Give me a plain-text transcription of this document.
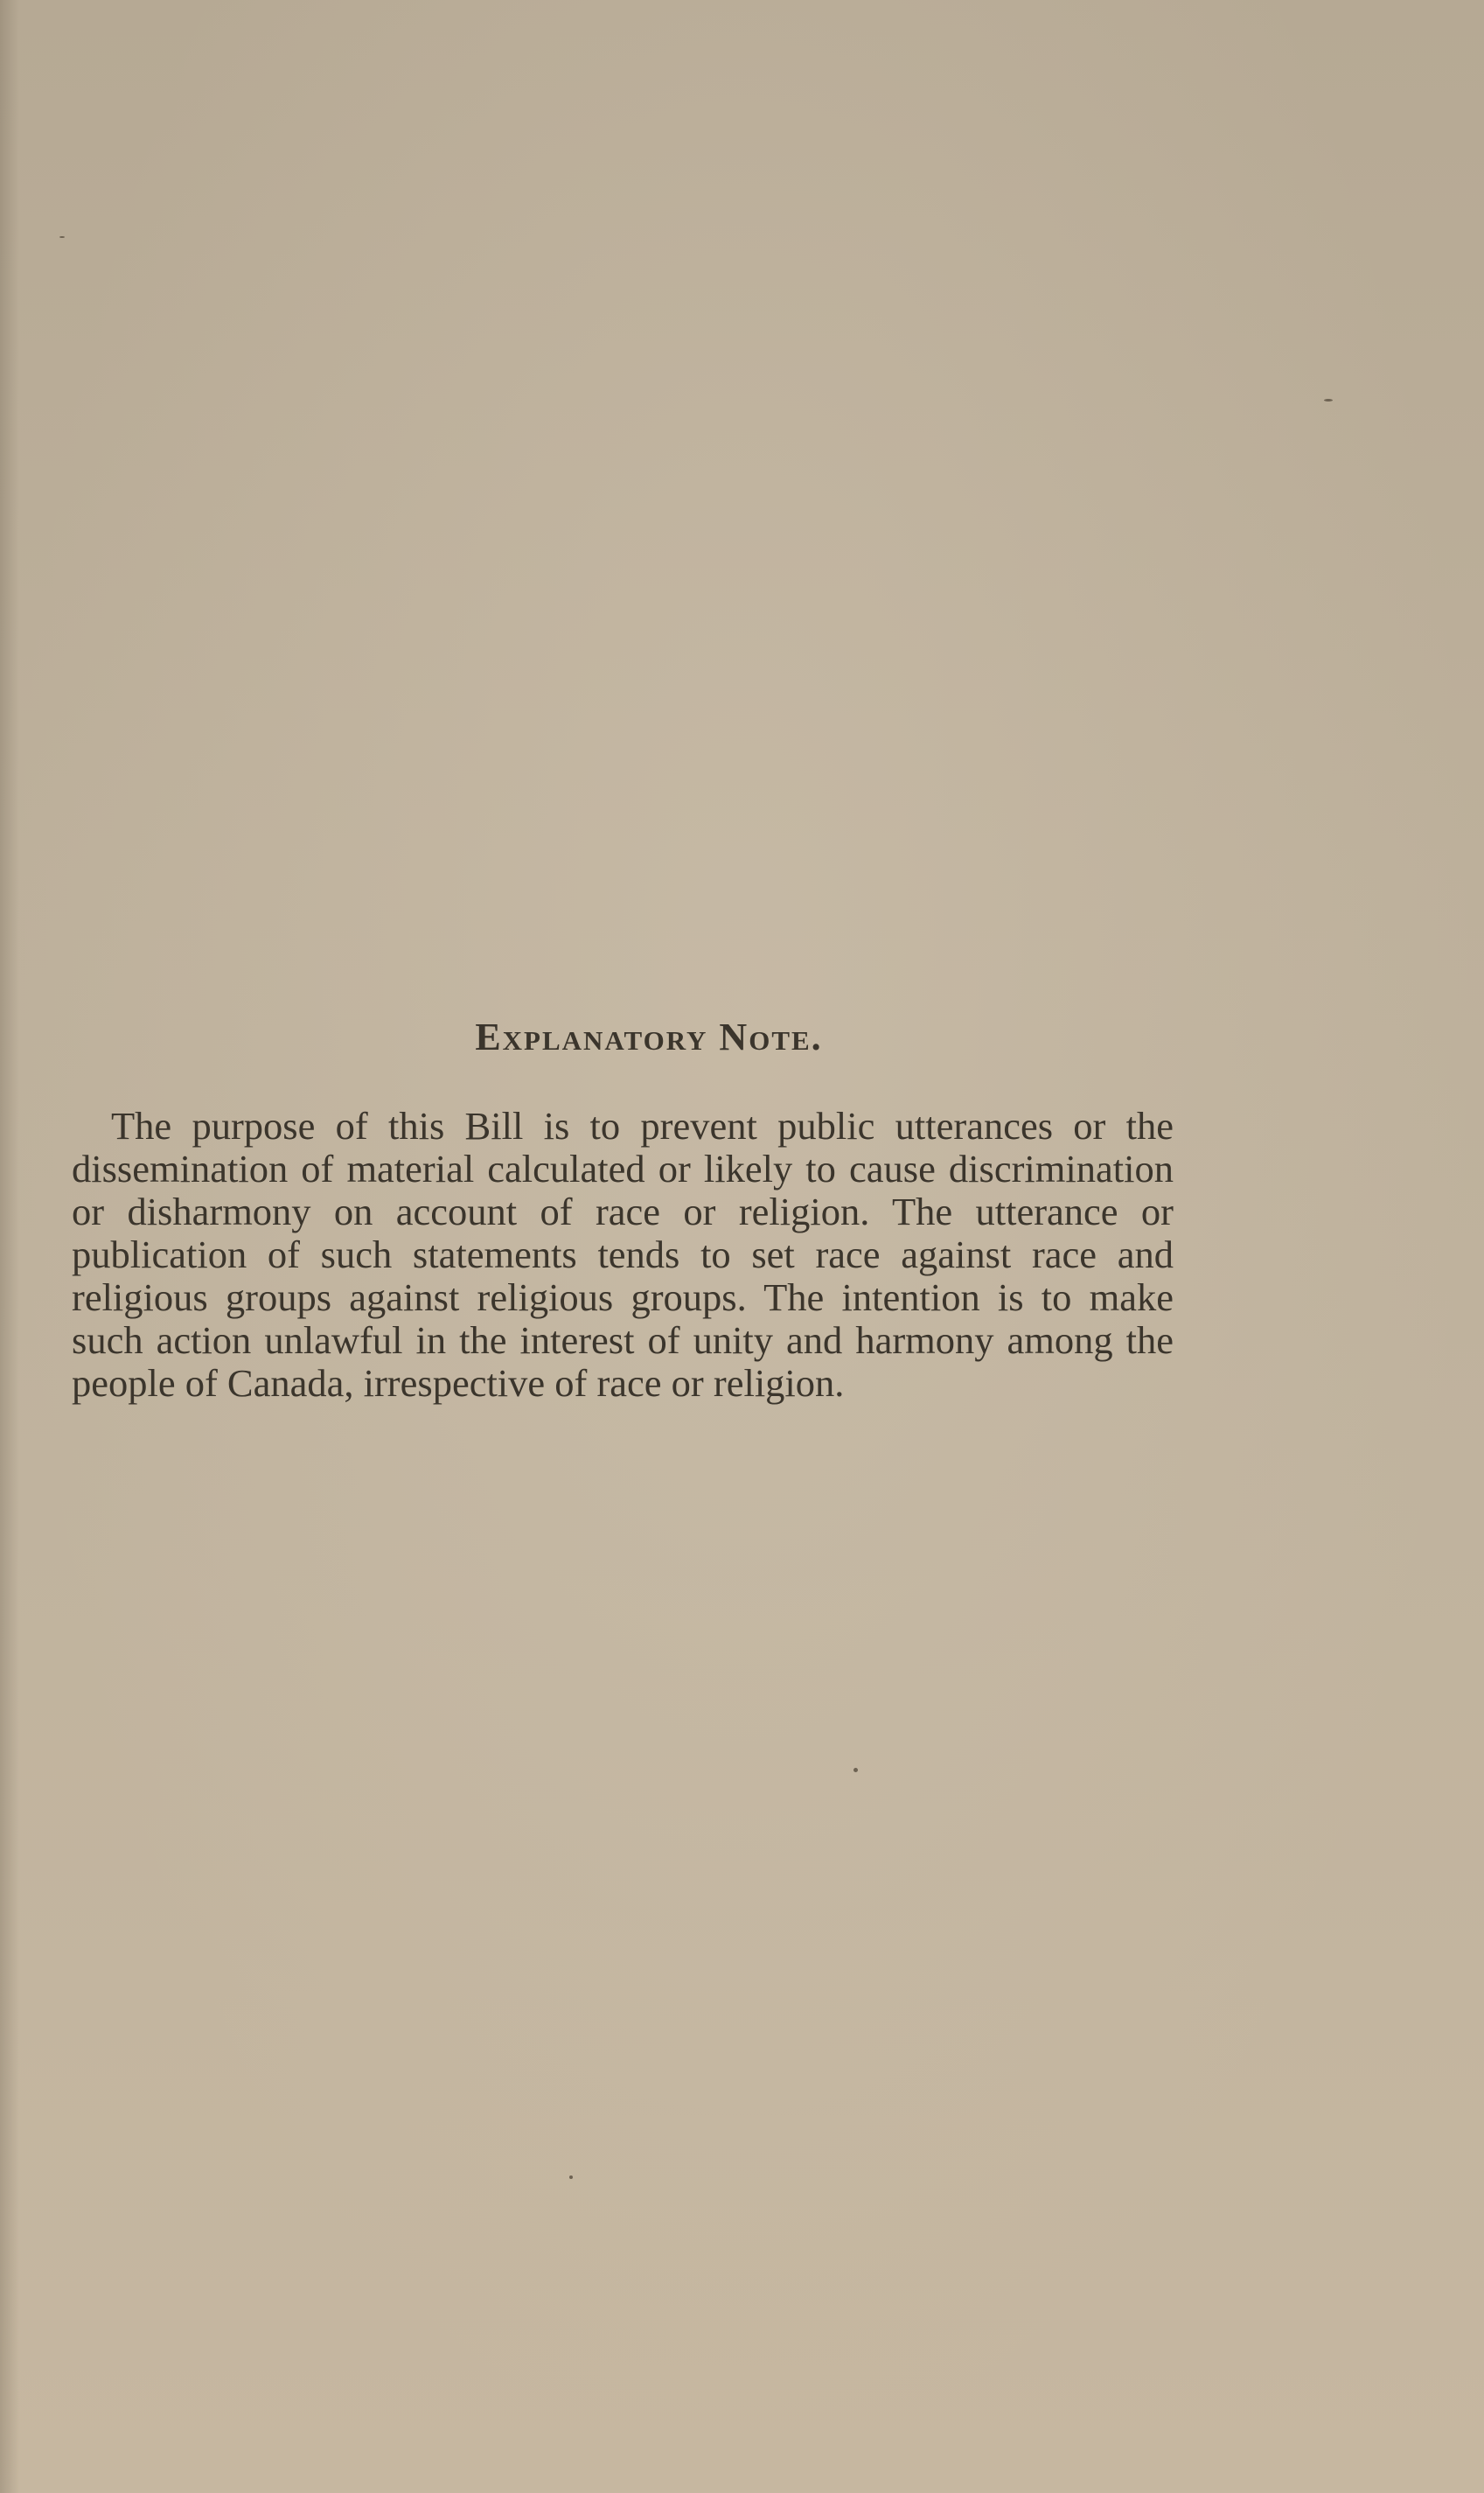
Explanatory Note.

The purpose of this Bill is to prevent public utterances or the dissemination of material calculated or likely to cause discrimination or disharmony on account of race or religion. The utterance or publication of such statements tends to set race against race and religious groups against religious groups. The intention is to make such action unlawful in the interest of unity and harmony among the people of Canada, irrespective of race or religion.
